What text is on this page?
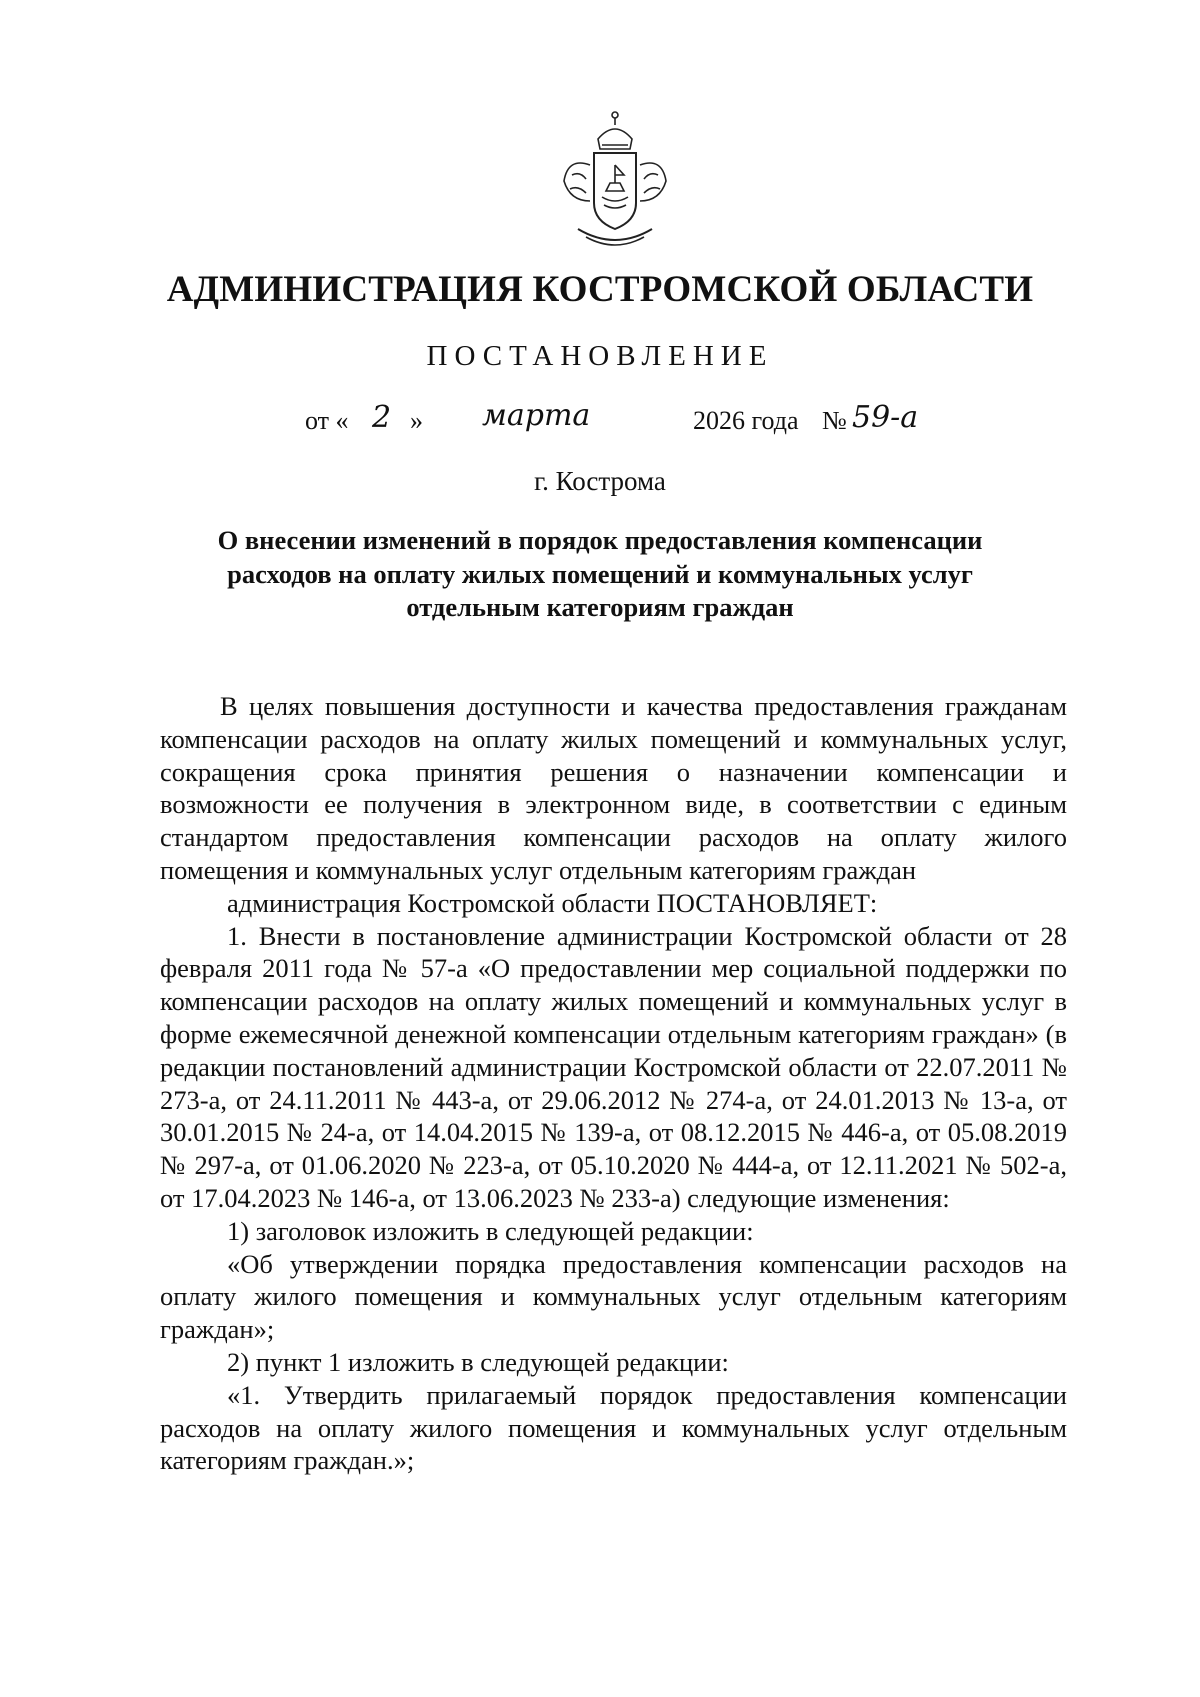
АДМИНИСТРАЦИЯ КОСТРОМСКОЙ ОБЛАСТИ
ПОСТАНОВЛЕНИЕ
от « 2 » марта	2026 года № 59-а
г. Кострома
О внесении изменений в порядок предоставления компенсации
расходов на оплату жилых помещений и коммунальных услуг
отдельным категориям граждан

В целях повышения доступности и качества предоставления гражданам компенсации расходов на оплату жилых помещений и коммунальных услуг, сокращения срока принятия решения о назначении компенсации и возможности ее получения в электронном виде, в соответствии с единым стандартом предоставления компенсации расходов на оплату жилого помещения и коммунальных услуг отдельным категориям граждан

администрация Костромской области ПОСТАНОВЛЯЕТ:

1. Внести в постановление администрации Костромской области от 28 февраля 2011 года № 57-а «О предоставлении мер социальной поддержки по компенсации расходов на оплату жилых помещений и коммунальных услуг в форме ежемесячной денежной компенсации отдельным категориям граждан» (в редакции постановлений администрации Костромской области от 22.07.2011 № 273-а, от 24.11.2011 № 443-а, от 29.06.2012 № 274-а, от 24.01.2013 № 13-а, от 30.01.2015 № 24-а, от 14.04.2015 № 139-а, от 08.12.2015 № 446-а, от 05.08.2019 № 297-а, от 01.06.2020 № 223-а, от 05.10.2020 № 444-а, от 12.11.2021 № 502-а, от 17.04.2023 № 146-а, от 13.06.2023 № 233-а) следующие изменения:

1) заголовок изложить в следующей редакции:

«Об утверждении порядка предоставления компенсации расходов на оплату жилого помещения и коммунальных услуг отдельным категориям граждан»;

2) пункт 1 изложить в следующей редакции:

«1. Утвердить прилагаемый порядок предоставления компенсации расходов на оплату жилого помещения и коммунальных услуг отдельным категориям граждан.»;
